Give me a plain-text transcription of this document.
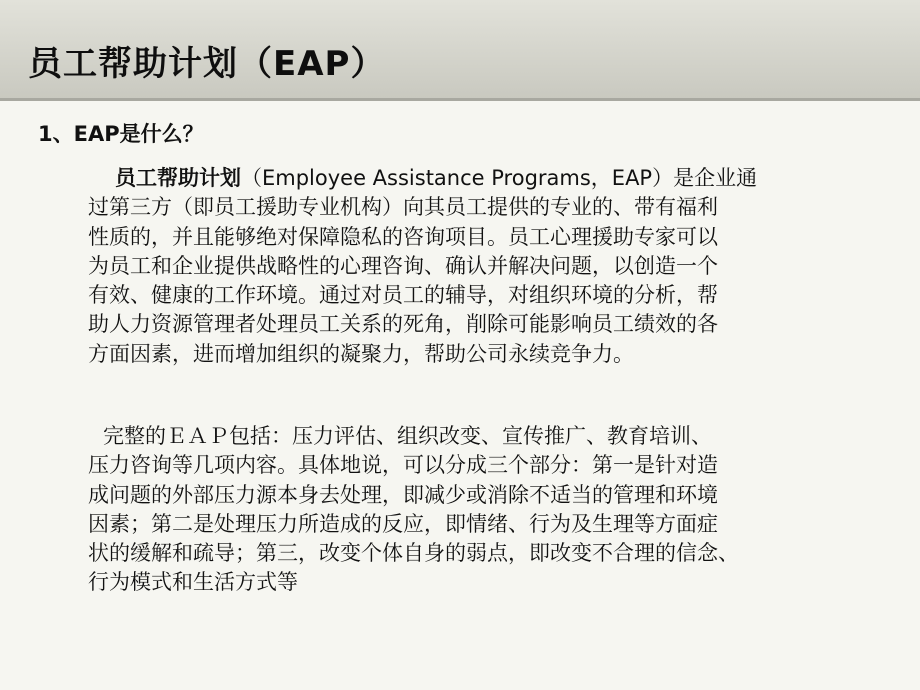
员工帮助计划（EAP）
1、EAP是什么？
员工帮助计划（Employee Assistance Programs，EAP）是企业通
过第三方（即员工援助专业机构）向其员工提供的专业的、带有福利
性质的，并且能够绝对保障隐私的咨询项目。员工心理援助专家可以
为员工和企业提供战略性的心理咨询、确认并解决问题，以创造一个
有效、健康的工作环境。通过对员工的辅导，对组织环境的分析，帮
助人力资源管理者处理员工关系的死角，削除可能影响员工绩效的各
方面因素，进而增加组织的凝聚力，帮助公司永续竞争力。
完整的ＥＡＰ包括：压力评估、组织改变、宣传推广、教育培训、
压力咨询等几项内容。具体地说，可以分成三个部分：第一是针对造
成问题的外部压力源本身去处理，即减少或消除不适当的管理和环境
因素；第二是处理压力所造成的反应，即情绪、行为及生理等方面症
状的缓解和疏导；第三，改变个体自身的弱点，即改变不合理的信念、
行为模式和生活方式等
